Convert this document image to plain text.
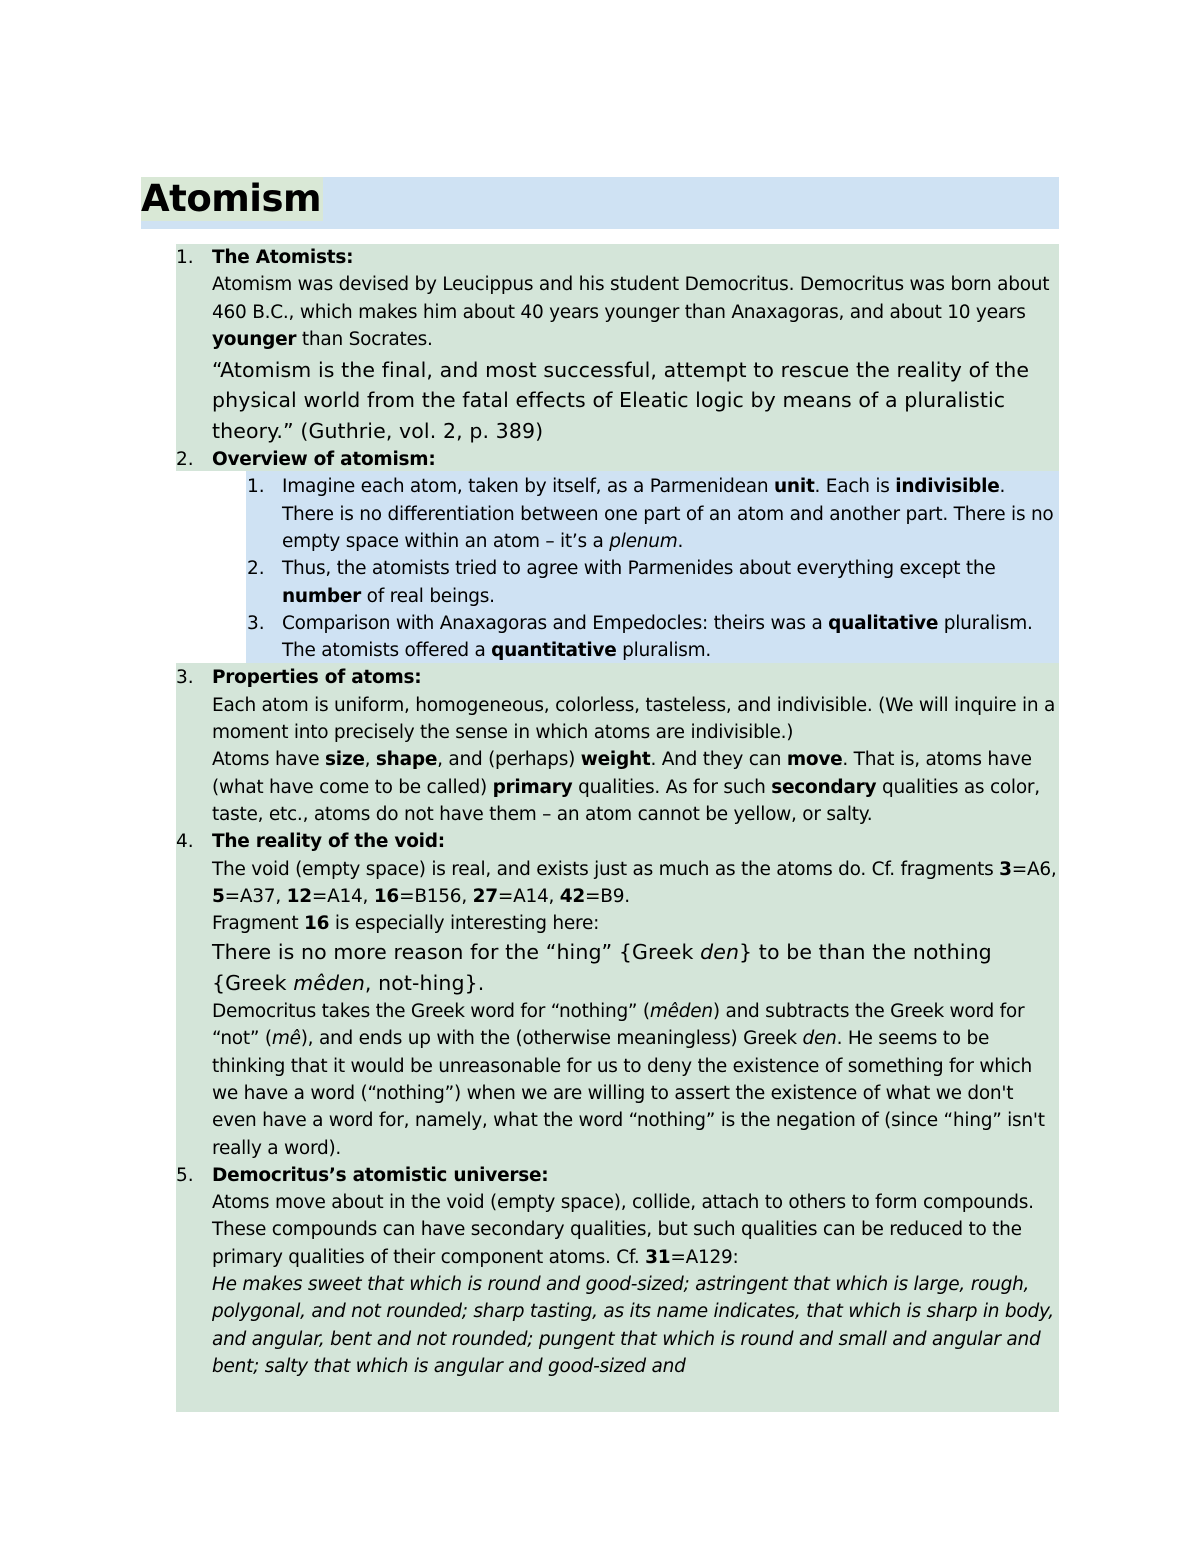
Atomism
1. The Atomists:
Atomism was devised by Leucippus and his student Democritus. Democritus was born about 460 B.C., which makes him about 40 years younger than Anaxagoras, and about 10 years younger than Socrates.
“Atomism is the final, and most successful, attempt to rescue the reality of the physical world from the fatal effects of Eleatic logic by means of a pluralistic theory.” (Guthrie, vol. 2, p. 389)
2. Overview of atomism:
1. Imagine each atom, taken by itself, as a Parmenidean unit. Each is indivisible. There is no differentiation between one part of an atom and another part. There is no empty space within an atom – it’s a plenum.
2. Thus, the atomists tried to agree with Parmenides about everything except the number of real beings.
3. Comparison with Anaxagoras and Empedocles: theirs was a qualitative pluralism. The atomists offered a quantitative pluralism.
3. Properties of atoms:
Each atom is uniform, homogeneous, colorless, tasteless, and indivisible. (We will inquire in a moment into precisely the sense in which atoms are indivisible.)
Atoms have size, shape, and (perhaps) weight. And they can move. That is, atoms have (what have come to be called) primary qualities. As for such secondary qualities as color, taste, etc., atoms do not have them – an atom cannot be yellow, or salty.
4. The reality of the void:
The void (empty space) is real, and exists just as much as the atoms do. Cf. fragments 3=A6, 5=A37, 12=A14, 16=B156, 27=A14, 42=B9.
Fragment 16 is especially interesting here:
There is no more reason for the “hing” {Greek den} to be than the nothing {Greek mêden, not-hing}.
Democritus takes the Greek word for “nothing” (mêden) and subtracts the Greek word for “not” (mê), and ends up with the (otherwise meaningless) Greek den. He seems to be thinking that it would be unreasonable for us to deny the existence of something for which we have a word (“nothing”) when we are willing to assert the existence of what we don't even have a word for, namely, what the word “nothing” is the negation of (since “hing” isn't really a word).
5. Democritus’s atomistic universe:
Atoms move about in the void (empty space), collide, attach to others to form compounds. These compounds can have secondary qualities, but such qualities can be reduced to the primary qualities of their component atoms. Cf. 31=A129:
He makes sweet that which is round and good-sized; astringent that which is large, rough, polygonal, and not rounded; sharp tasting, as its name indicates, that which is sharp in body, and angular, bent and not rounded; pungent that which is round and small and angular and bent; salty that which is angular and good-sized and
